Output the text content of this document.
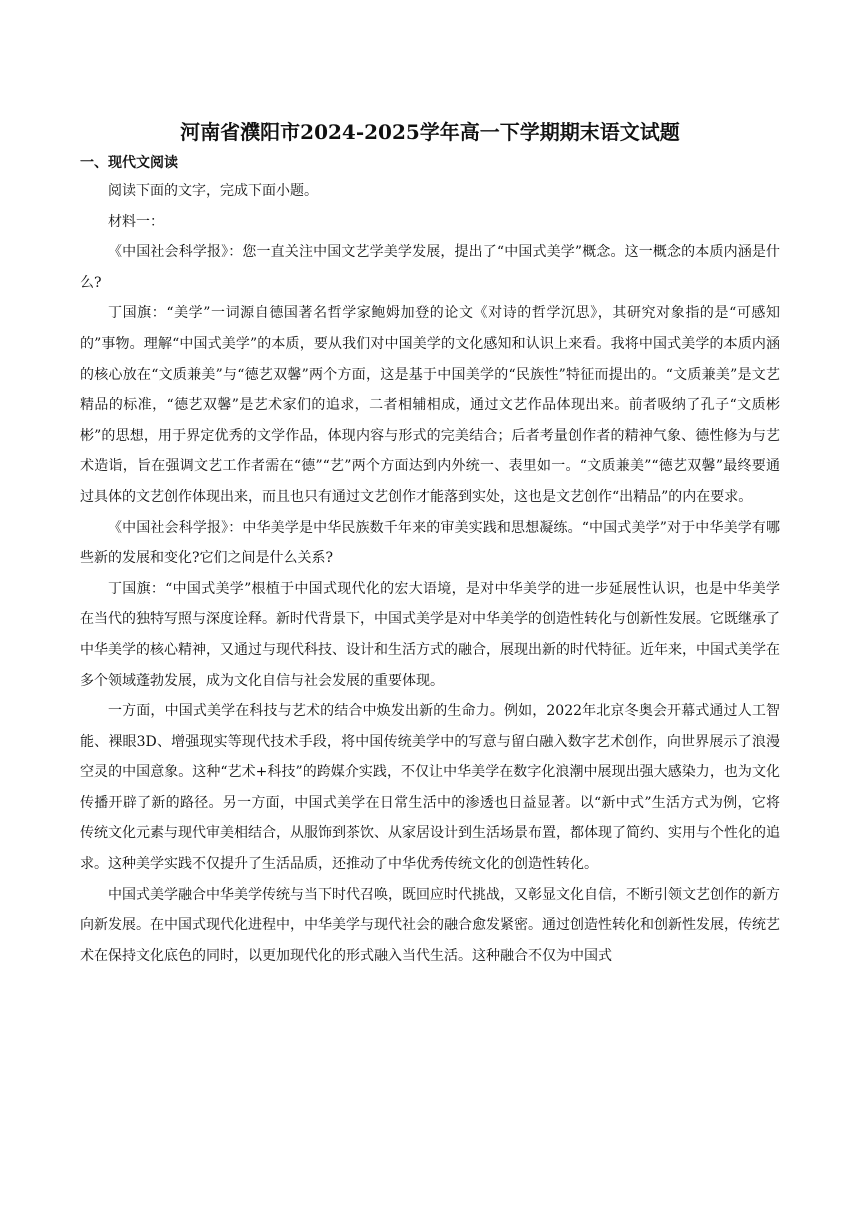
河南省濮阳市2024-2025学年高一下学期期末语文试题
一、现代文阅读

阅读下面的文字，完成下面小题。

材料一：

《中国社会科学报》：您一直关注中国文艺学美学发展，提出了“中国式美学”概念。这一概念的本质内涵是什么?

丁国旗：“美学”一词源自德国著名哲学家鲍姆加登的论文《对诗的哲学沉思》，其研究对象指的是“可感知的”事物。理解“中国式美学”的本质，要从我们对中国美学的文化感知和认识上来看。我将中国式美学的本质内涵的核心放在“文质兼美”与“德艺双馨”两个方面，这是基于中国美学的“民族性”特征而提出的。“文质兼美”是文艺精品的标准，“德艺双馨”是艺术家们的追求，二者相辅相成，通过文艺作品体现出来。前者吸纳了孔子“文质彬彬”的思想，用于界定优秀的文学作品，体现内容与形式的完美结合；后者考量创作者的精神气象、德性修为与艺术造诣，旨在强调文艺工作者需在“德”“艺”两个方面达到内外统一、表里如一。“文质兼美”“德艺双馨”最终要通过具体的文艺创作体现出来，而且也只有通过文艺创作才能落到实处，这也是文艺创作“出精品”的内在要求。

《中国社会科学报》：中华美学是中华民族数千年来的审美实践和思想凝练。“中国式美学”对于中华美学有哪些新的发展和变化?它们之间是什么关系?

丁国旗：“中国式美学”根植于中国式现代化的宏大语境，是对中华美学的进一步延展性认识，也是中华美学在当代的独特写照与深度诠释。新时代背景下，中国式美学是对中华美学的创造性转化与创新性发展。它既继承了中华美学的核心精神，又通过与现代科技、设计和生活方式的融合，展现出新的时代特征。近年来，中国式美学在多个领域蓬勃发展，成为文化自信与社会发展的重要体现。

一方面，中国式美学在科技与艺术的结合中焕发出新的生命力。例如，2022年北京冬奥会开幕式通过人工智能、裸眼3D、增强现实等现代技术手段，将中国传统美学中的写意与留白融入数字艺术创作，向世界展示了浪漫空灵的中国意象。这种“艺术+科技”的跨媒介实践，不仅让中华美学在数字化浪潮中展现出强大感染力，也为文化传播开辟了新的路径。另一方面，中国式美学在日常生活中的渗透也日益显著。以“新中式”生活方式为例，它将传统文化元素与现代审美相结合，从服饰到茶饮、从家居设计到生活场景布置，都体现了简约、实用与个性化的追求。这种美学实践不仅提升了生活品质，还推动了中华优秀传统文化的创造性转化。

中国式美学融合中华美学传统与当下时代召唤，既回应时代挑战，又彰显文化自信，不断引领文艺创作的新方向新发展。在中国式现代化进程中，中华美学与现代社会的融合愈发紧密。通过创造性转化和创新性发展，传统艺术在保持文化底色的同时，以更加现代化的形式融入当代生活。这种融合不仅为中国式
